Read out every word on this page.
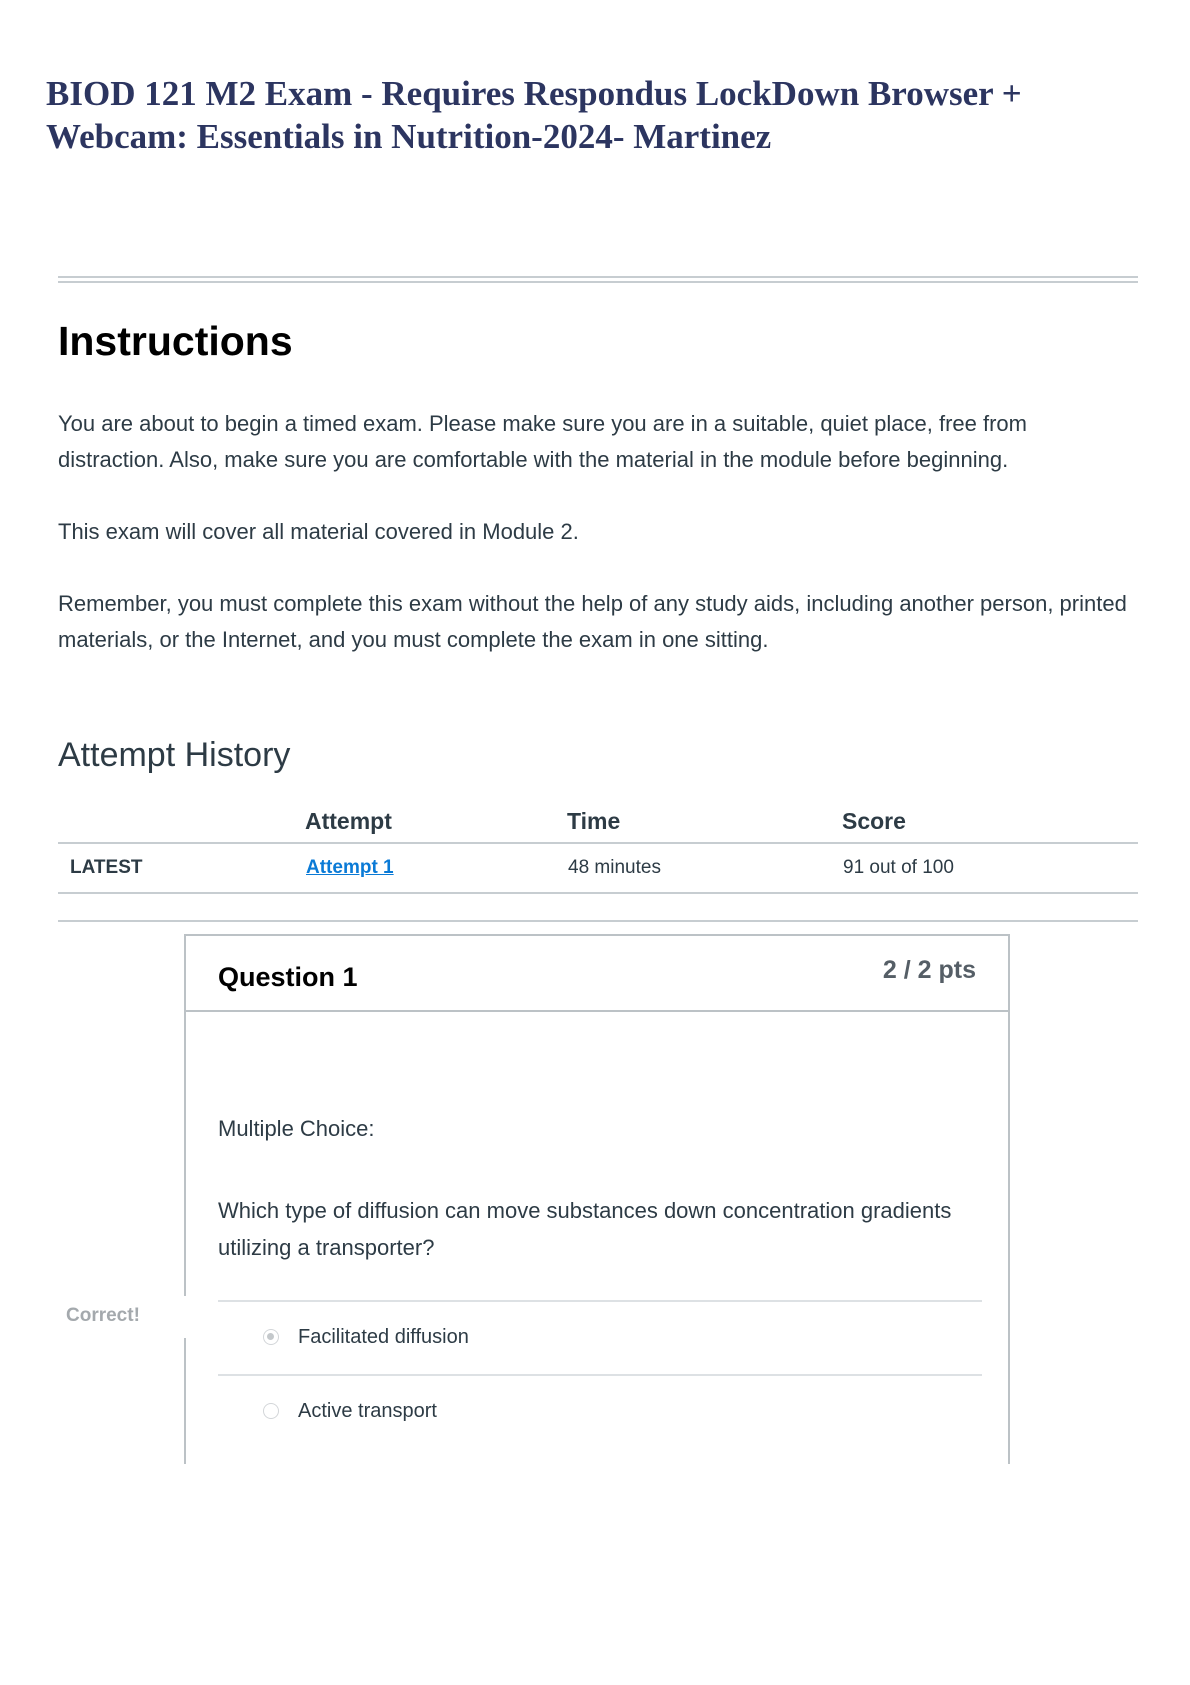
BIOD 121 M2 Exam - Requires Respondus LockDown Browser + Webcam: Essentials in Nutrition-2024- Martinez
Instructions

You are about to begin a timed exam. Please make sure you are in a suitable, quiet place, free from distraction. Also, make sure you are comfortable with the material in the module before beginning.

This exam will cover all material covered in Module 2.

Remember, you must complete this exam without the help of any study aids, including another person, printed materials, or the Internet, and you must complete the exam in one sitting.

Attempt History
	Attempt	Time	Score
LATEST	Attempt 1	48 minutes	91 out of 100
Question 1	2 / 2 pts

Multiple Choice:

Which type of diffusion can move substances down concentration gradients utilizing a transporter?

Facilitated diffusion
Active transport
Correct!
